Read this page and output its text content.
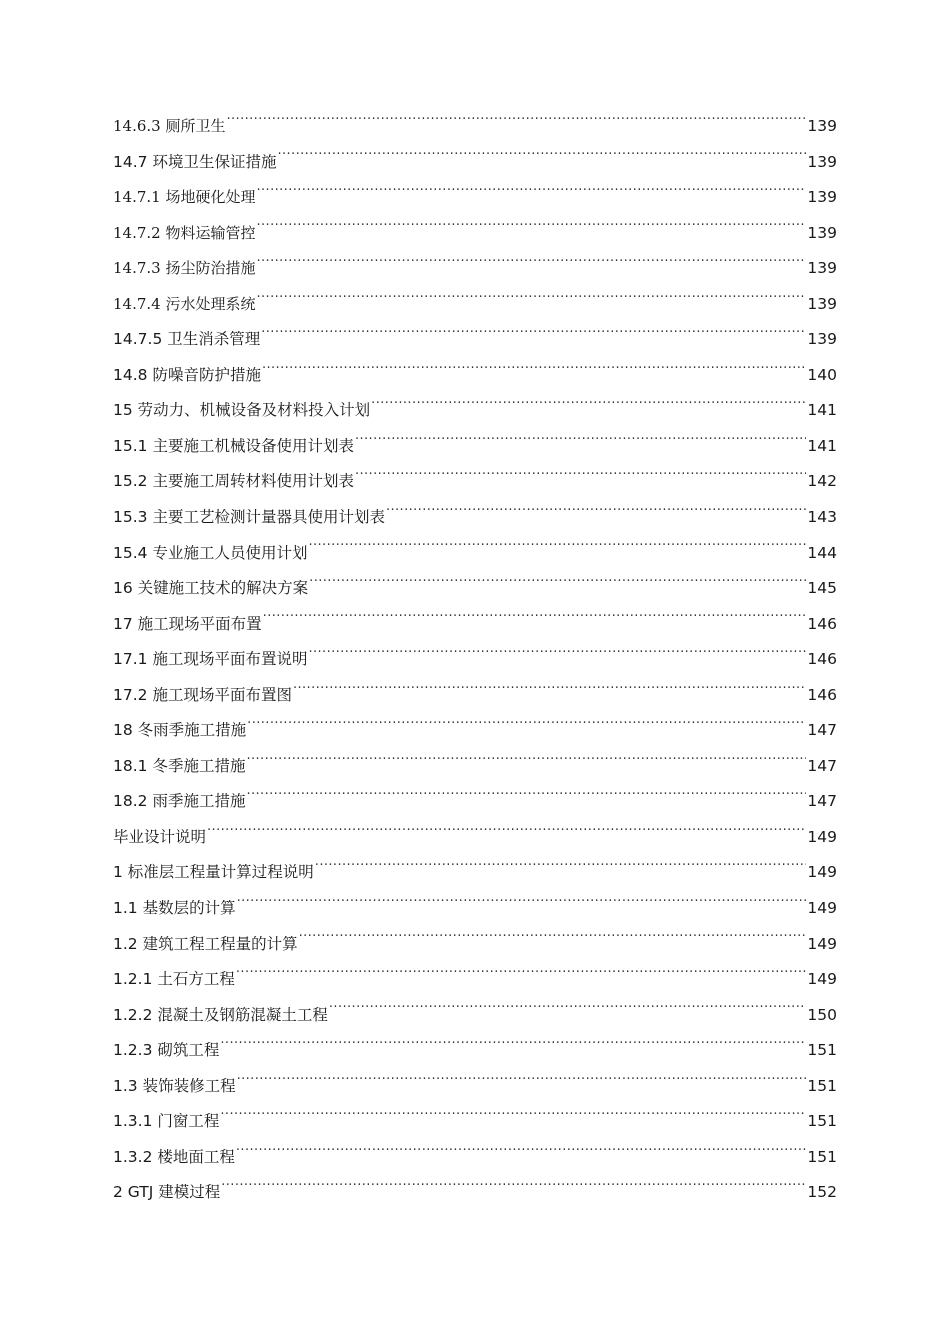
14.6.3 厕所卫生 .....	139
14.7 环境卫生保证措施 .....	139
14.7.1 场地硬化处理 .....	139
14.7.2 物料运输管控 .....	139
14.7.3 扬尘防治措施 .....	139
14.7.4 污水处理系统 .....	139
14.7.5 卫生消杀管理 .....	139
14.8 防噪音防护措施 .....	140
15 劳动力、机械设备及材料投入计划 .....	141
15.1 主要施工机械设备使用计划表 .....	141
15.2 主要施工周转材料使用计划表 .....	142
15.3 主要工艺检测计量器具使用计划表 .....	143
15.4 专业施工人员使用计划 .....	144
16 关键施工技术的解决方案 .....	145
17 施工现场平面布置 .....	146
17.1 施工现场平面布置说明 .....	146
17.2 施工现场平面布置图 .....	146
18 冬雨季施工措施 .....	147
18.1 冬季施工措施 .....	147
18.2 雨季施工措施 .....	147
毕业设计说明 .....	149
1 标准层工程量计算过程说明 .....	149
1.1 基数层的计算 .....	149
1.2 建筑工程工程量的计算 .....	149
1.2.1 土石方工程 .....	149
1.2.2 混凝土及钢筋混凝土工程 .....	150
1.2.3 砌筑工程 .....	151
1.3 装饰装修工程 .....	151
1.3.1 门窗工程 .....	151
1.3.2 楼地面工程 .....	151
2 GTJ 建模过程 .....	152
